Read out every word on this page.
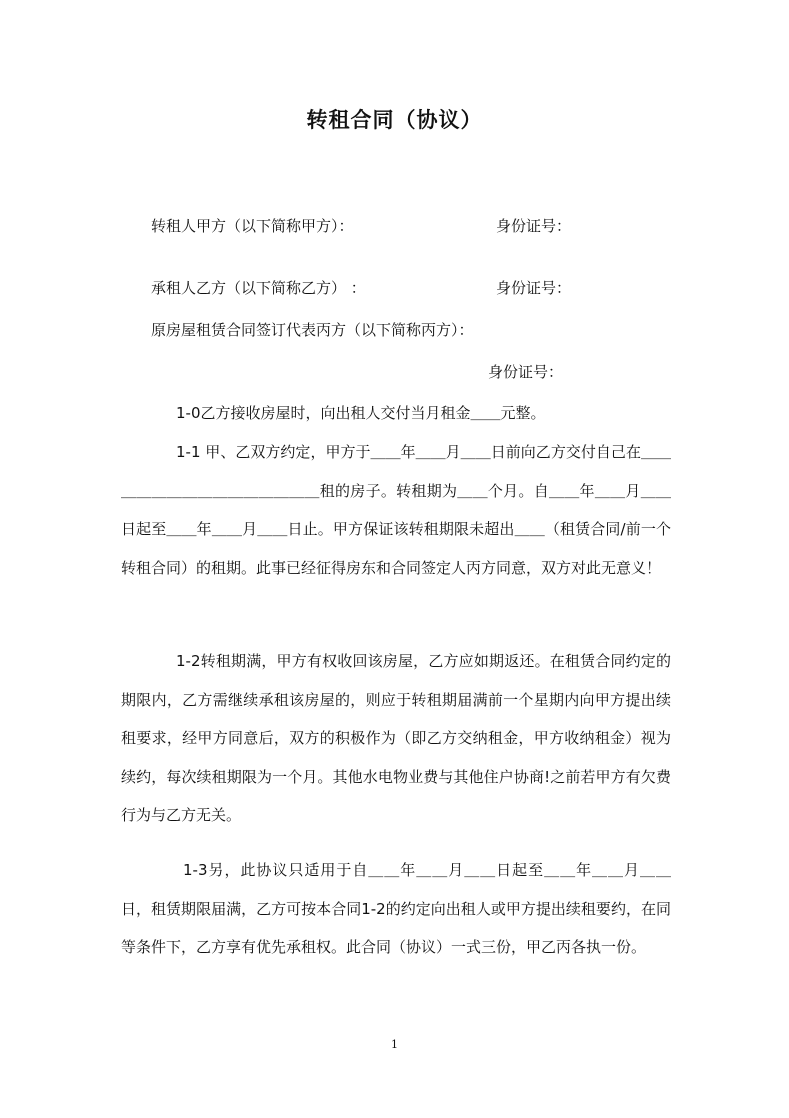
转租合同（协议）
转租人甲方（以下简称甲方）：	身份证号：
承租人乙方（以下简称乙方） ：	身份证号：
原房屋租赁合同签订代表丙方（以下简称丙方）：
身份证号：
1-0乙方接收房屋时，向出租人交付当月租金＿＿元整。

1-1 甲、乙双方约定，甲方于＿＿年＿＿月＿＿日前向乙方交付自己在＿＿＿＿＿＿＿＿＿＿＿＿＿＿＿租的房子。转租期为＿＿个月。自＿＿年＿＿月＿＿日起至＿＿年＿＿月＿＿日止。甲方保证该转租期限未超出＿＿（租赁合同/前一个转租合同）的租期。此事已经征得房东和合同签定人丙方同意，双方对此无意义！

1-2转租期满，甲方有权收回该房屋，乙方应如期返还。在租赁合同约定的期限内，乙方需继续承租该房屋的，则应于转租期届满前一个星期内向甲方提出续租要求，经甲方同意后，双方的积极作为（即乙方交纳租金，甲方收纳租金）视为续约，每次续租期限为一个月。其他水电物业费与其他住户协商!之前若甲方有欠费行为与乙方无关。

1-3另，此协议只适用于自＿＿年＿＿月＿＿日起至＿＿年＿＿月＿＿日，租赁期限届满，乙方可按本合同1-2的约定向出租人或甲方提出续租要约，在同等条件下，乙方享有优先承租权。此合同（协议）一式三份，甲乙丙各执一份。

1
